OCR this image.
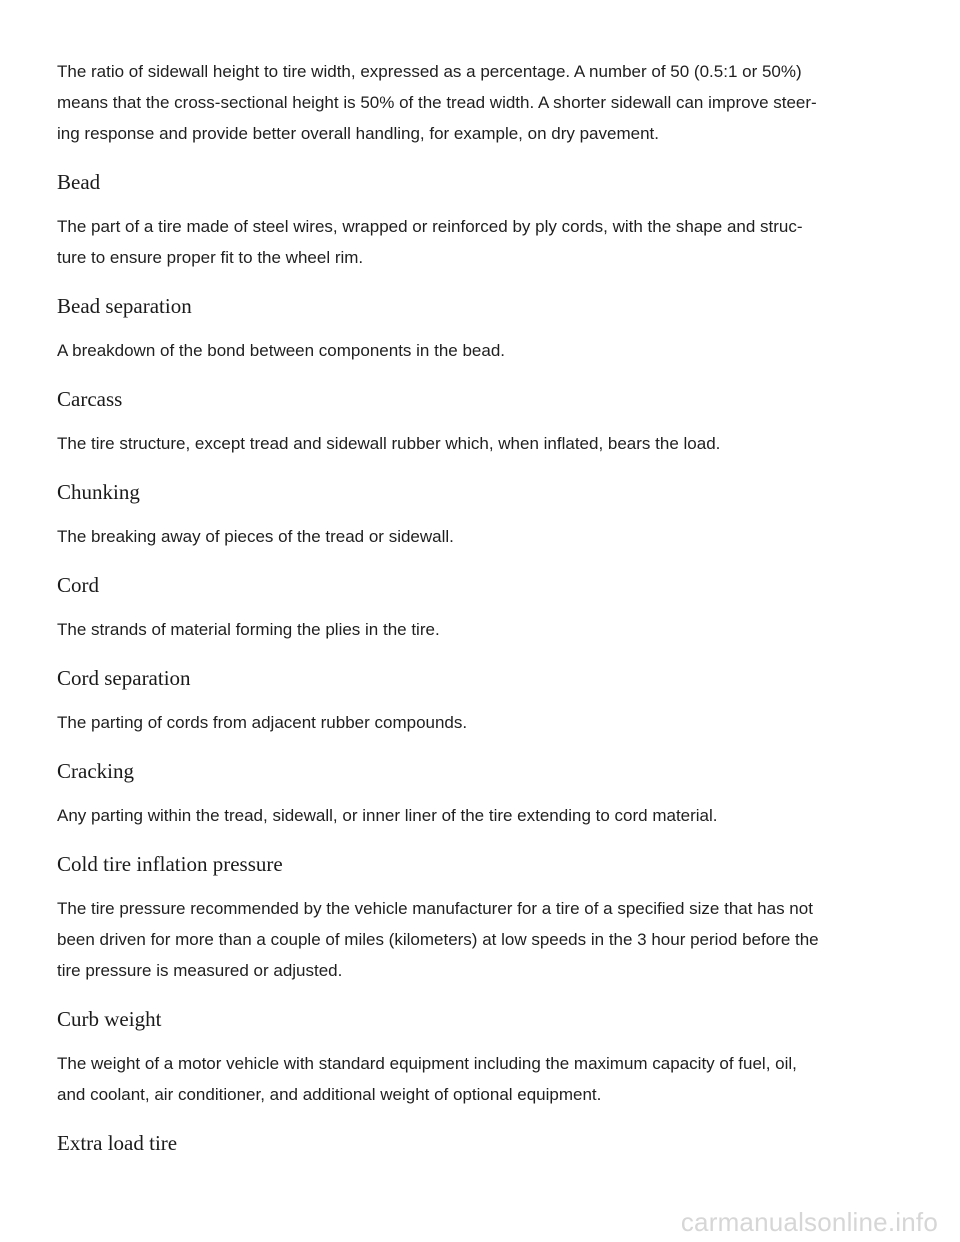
The ratio of sidewall height to tire width, expressed as a percentage. A number of 50 (0.5:1 or 50%)
means that the cross-sectional height is 50% of the tread width. A shorter sidewall can improve steer-
ing response and provide better overall handling, for example, on dry pavement.

Bead

The part of a tire made of steel wires, wrapped or reinforced by ply cords, with the shape and struc-
ture to ensure proper fit to the wheel rim.

Bead separation

A breakdown of the bond between components in the bead.

Carcass

The tire structure, except tread and sidewall rubber which, when inflated, bears the load.

Chunking

The breaking away of pieces of the tread or sidewall.

Cord

The strands of material forming the plies in the tire.

Cord separation

The parting of cords from adjacent rubber compounds.

Cracking

Any parting within the tread, sidewall, or inner liner of the tire extending to cord material.

Cold tire inflation pressure

The tire pressure recommended by the vehicle manufacturer for a tire of a specified size that has not
been driven for more than a couple of miles (kilometers) at low speeds in the 3 hour period before the
tire pressure is measured or adjusted.

Curb weight

The weight of a motor vehicle with standard equipment including the maximum capacity of fuel, oil,
and coolant, air conditioner, and additional weight of optional equipment.

Extra load tire
carmanualsonline.info
